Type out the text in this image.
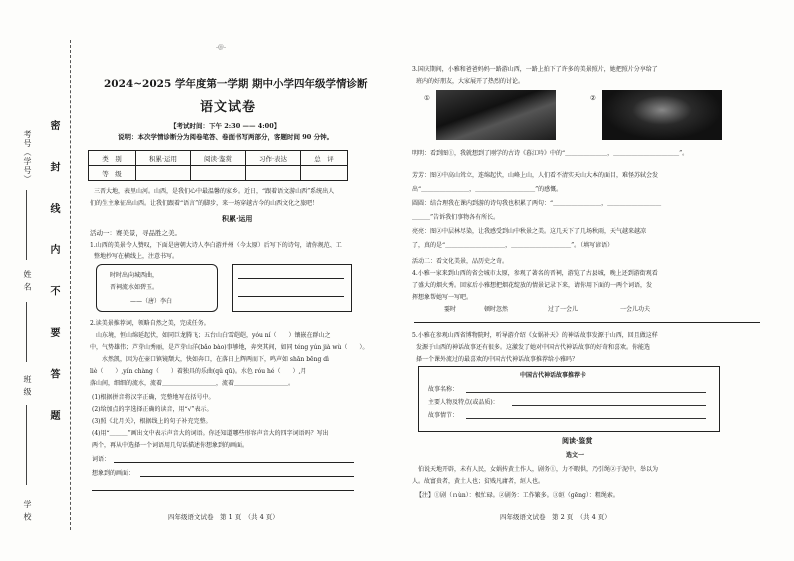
考号（学号）
姓 名
班 级
学 校
密 封 线 内 不 要 答 题
-@-
2024~2025 学年度第一学期 期中小学四年级学情诊断
语文试卷
【考试时间：下午 2:30 —— 4:00】
说明：本次学情诊断分为阅卷笔答、卷面书写两部分，客题时间 90 分钟。
类　别	积累·运用	阅读·鉴赏	习作·表达	总　评
等　级				
三晋大地，表里山河。山西，是我们心中最温馨的家乡。近日，“跟着语文游山西”系统出人
们的生主象征出山西。让我们跟着“语言”的脚步，来一场穿越古今的山西文化之旅吧！
积累·运用
活动一：赛美景，寻品胜之美。
1.山西的美景令人赞叹，下面是唐朝大诗人李白游并州（今太原）后写下的诗句，请你规范、工
整地抄写在横线上，注意书写。
时时出向城西曲，
晋祠流水如碧玉。
——（唐）李白
2.读美景推荐词，领略自然之美，完成任务。
　山东境，恒山绵延起伏，如同巨龙腾飞；五台山白雪皑皑，yóu ní（　　）镶嵌在群山之
中，气势雄伟；芦芽山秀丽，是芦芽山洋(bǎo bào)事够地，奔突其间，如同 téng yún jià wù（　　）。
　　水然凯，因为在壶口镇镜颓大，快如奔口，在落日上辉两而下，鸣声如 shān bēng dì
liè（　　）,yín chàng（　　）着独具的乐曲(qǔ qū)。水色 róu hé（　　）,月
落山间，细细的流水，流着＿＿＿＿＿＿＿＿＿，流着＿＿＿＿＿＿＿＿＿。
(1)根据拼音将汉字正确，完整地写在括号中。
(2)给加点的字选择正确的读音，用“√”表示。
(3)照《北月关》，根据线上的句子补充完整。
(4)用“＿＿＿”画出文中表示声音大的词语。你还知道哪些形容声音大的四字词语吗？写出
两个，再从中选择一个词语用几句话描述你想象到的画面。
词语：
想象到的画面：
四年级语文试卷　第 1 页　（共 4 页）
3.国庆期间，小雅和爸爸妈妈一路游山西，一路上拍下了许多的美景照片，她把照片分享给了
班内的好朋友，大家展开了热烈的讨论。
①	②
明明：看到图①，我就想到了刚学的古诗《暮江吟》中的“＿＿＿＿＿＿＿，＿＿＿＿＿＿＿＿＿＿＿”。
芳芳：图②中高山耸立，连绵起伏，山峰上山，人们看不清实天山大本的面目，难怪苏轼会发
出“＿＿＿＿＿＿＿＿，＿＿＿＿＿＿＿＿＿＿”的感慨。
圆圆：结合理我在课内到游的诗句我也积累了两句：“＿＿＿＿＿＿＿＿，＿＿＿＿＿＿＿＿＿
＿＿＿”告诉我们事物各有所长。
亮亮：图②中层林尽染，让我感受到山中秋景之美。这几天下了几场秋雨，天气越来越凉
了，真的是“＿＿＿＿＿＿＿＿＿＿，＿＿＿＿＿＿＿＿＿＿”。（填写谚语）
活动二：看文化美景，品历史之奇。
4.小雅一家来到山西的省会城市太原，参观了著名的晋祠，游览了古县城，晚上还到游街观看
了盛大的烟火秀。回家后小雅想把烟花绽放的情景记录下来，请你用下面的一两个词语，发
挥想象帮她写一写吧。
霎时	顿时忽然	过了一会儿	一会儿功夫
5.小雅在参观山西省博物院时，听导游介绍《女娲补天》的神话故事发源于山西，回且做这样
发源于山西的神话故事还有很多。这激发了她对中国古代神话故事的好奇和喜欢。你能选
择一个课外流过的最喜欢的中国古代神话故事推荐给小雅吗？
中国古代神话故事推荐卡
故事名称：
主要人物及特点(或品质)：
故事情节：
阅读·鉴赏
选文一
　伯说天地开辟，未有人民，女娲抟黄土作人，剧务①，力不暇供，乃引绳②于泥中，举以为
人。故富贵者，黄土人也；贫贱凡庸者，絙人也。
【注】①剧（ｎùn）：极忙碌。②剧务：工作繁多。③絙（ɡēnɡ）：粗绳索。
四年级语文试卷　第 2 页　（共 4 页）
